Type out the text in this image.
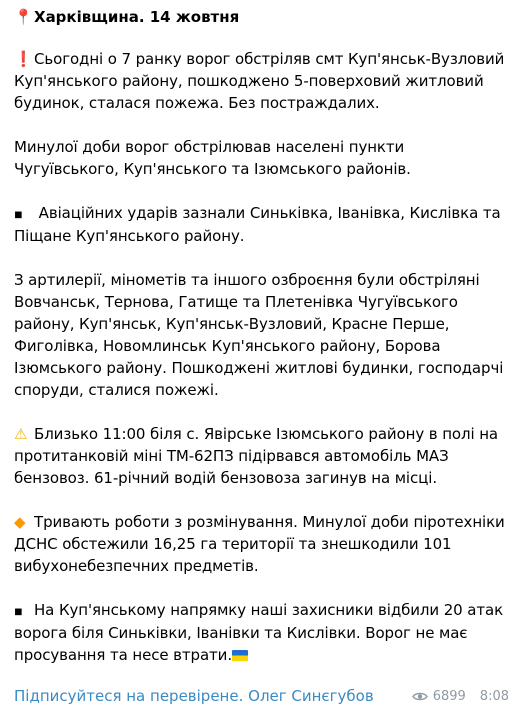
📍Харківщина. 14 жовтня
❗Сьогодні о 7 ранку ворог обстріляв смт Куп'янськ-Вузловий Куп'янського району, пошкоджено 5-поверховий житловий будинок, сталася пожежа. Без постраждалих.
Минулої доби ворог обстрілював населені пункти Чугуївського, Куп'янського та Ізюмського районів.
◾ Авіаційних ударів зазнали Синьківка, Іванівка, Кислівка та Піщане Куп'янського району.
З артилерії, мінометів та іншого озброєння були обстріляні Вовчанськ, Тернова, Гатище та Плетенівка Чугуївського району, Куп'янськ, Куп'янськ-Вузловий, Красне Перше, Фиголівка, Новомлинськ Куп'янського району, Борова Ізюмського району. Пошкоджені житлові будинки, господарчі споруди, сталися пожежі.
⚠ Близько 11:00 біля с. Явірське Ізюмського району в полі на протитанковій міні ТМ-62ПЗ підірвався автомобіль МАЗ бензовоз. 61-річний водій бензовоза загинув на місці.
◆ Тривають роботи з розмінування. Минулої доби піротехніки ДСНС обстежили 16,25 га території та знешкодили 101 вибухонебезпечних предметів.
◾ На Куп'янському напрямку наші захисники відбили 20 атак ворога біля Синьківки, Іванівки та Кислівки. Ворог не має просування та несе втрати.
Підписуйтеся на перевірене. Олег Синєгубов	6899 8:08
